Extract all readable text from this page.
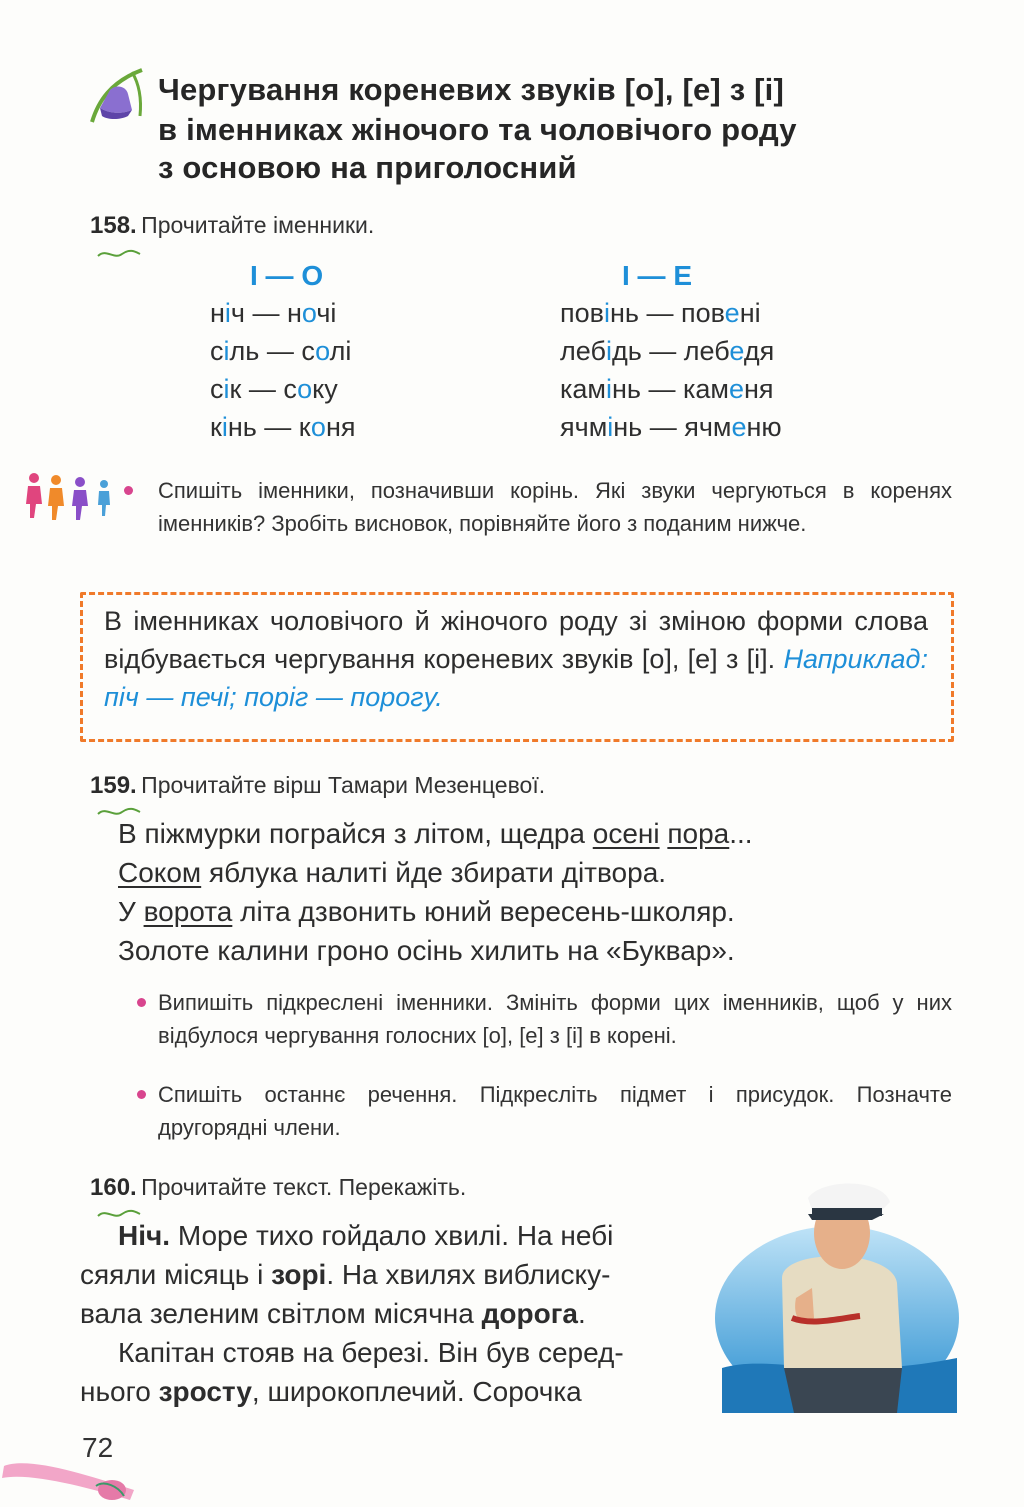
Чергування кореневих звуків [о], [е] з [і]
в іменниках жіночого та чоловічого роду
з основою на приголосний
158. Прочитайте іменники.
І — О	І — Е
ніч — ночі
сіль — солі
сік — соку
кінь — коня
повінь — повені
лебідь — лебедя
камінь — каменя
ячмінь — ячменю
Спишіть іменники, позначивши корінь. Які звуки чергуються в коренях іменників? Зробіть висновок, порівняйте його з поданим нижче.
В іменниках чоловічого й жіночого роду зі зміною форми слова відбувається чергування кореневих звуків [о], [е] з [і]. Наприклад: піч — печі; поріг — порогу.
159. Прочитайте вірш Тамари Мезенцевої.
В піжмурки пограйся з літом, щедра осені пора...
Соком яблука налиті йде збирати дітвора.
У ворота літа дзвонить юний вересень-школяр.
Золоте калини гроно осінь хилить на «Буквар».
Випишіть підкреслені іменники. Змініть форми цих іменників, щоб у них відбулося чергування голосних [о], [е] з [і] в корені.
Спишіть останнє речення. Підкресліть підмет і присудок. Позначте другорядні члени.
160. Прочитайте текст. Перекажіть.
Ніч. Море тихо гойдало хвилі. На небі
сяяли місяць і зорі. На хвилях виблиску-
вала зеленим світлом місячна дорога.
Капітан стояв на березі. Він був серед-
нього зросту, широкоплечий. Сорочка
72
